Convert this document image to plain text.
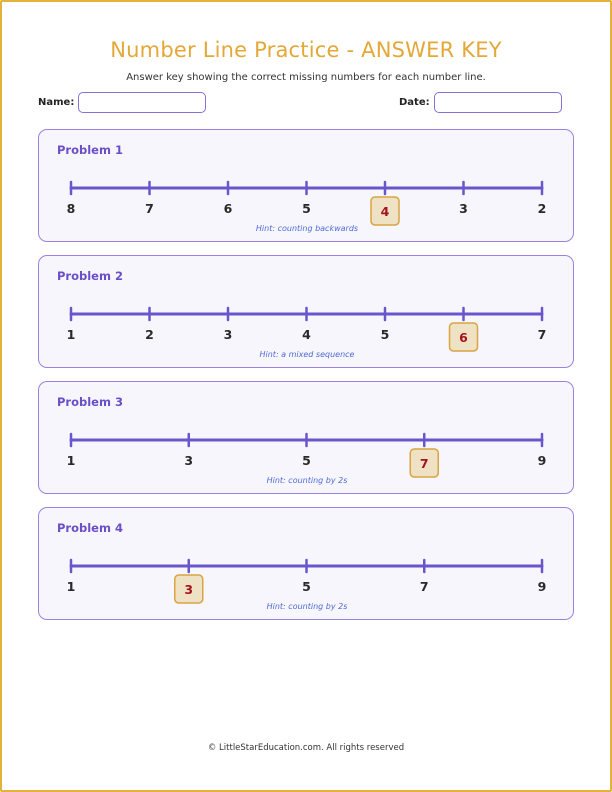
Number Line Practice - ANSWER KEY
Answer key showing the correct missing numbers for each number line.
Name:	Date:
Problem 1
8	7	6	5	4	3	2
Hint: counting backwards
Problem 2
1	2	3	4	5	6	7
Hint: a mixed sequence
Problem 3
1	3	5	7	9
Hint: counting by 2s
Problem 4
1	3	5	7	9
Hint: counting by 2s
© LittleStarEducation.com. All rights reserved
